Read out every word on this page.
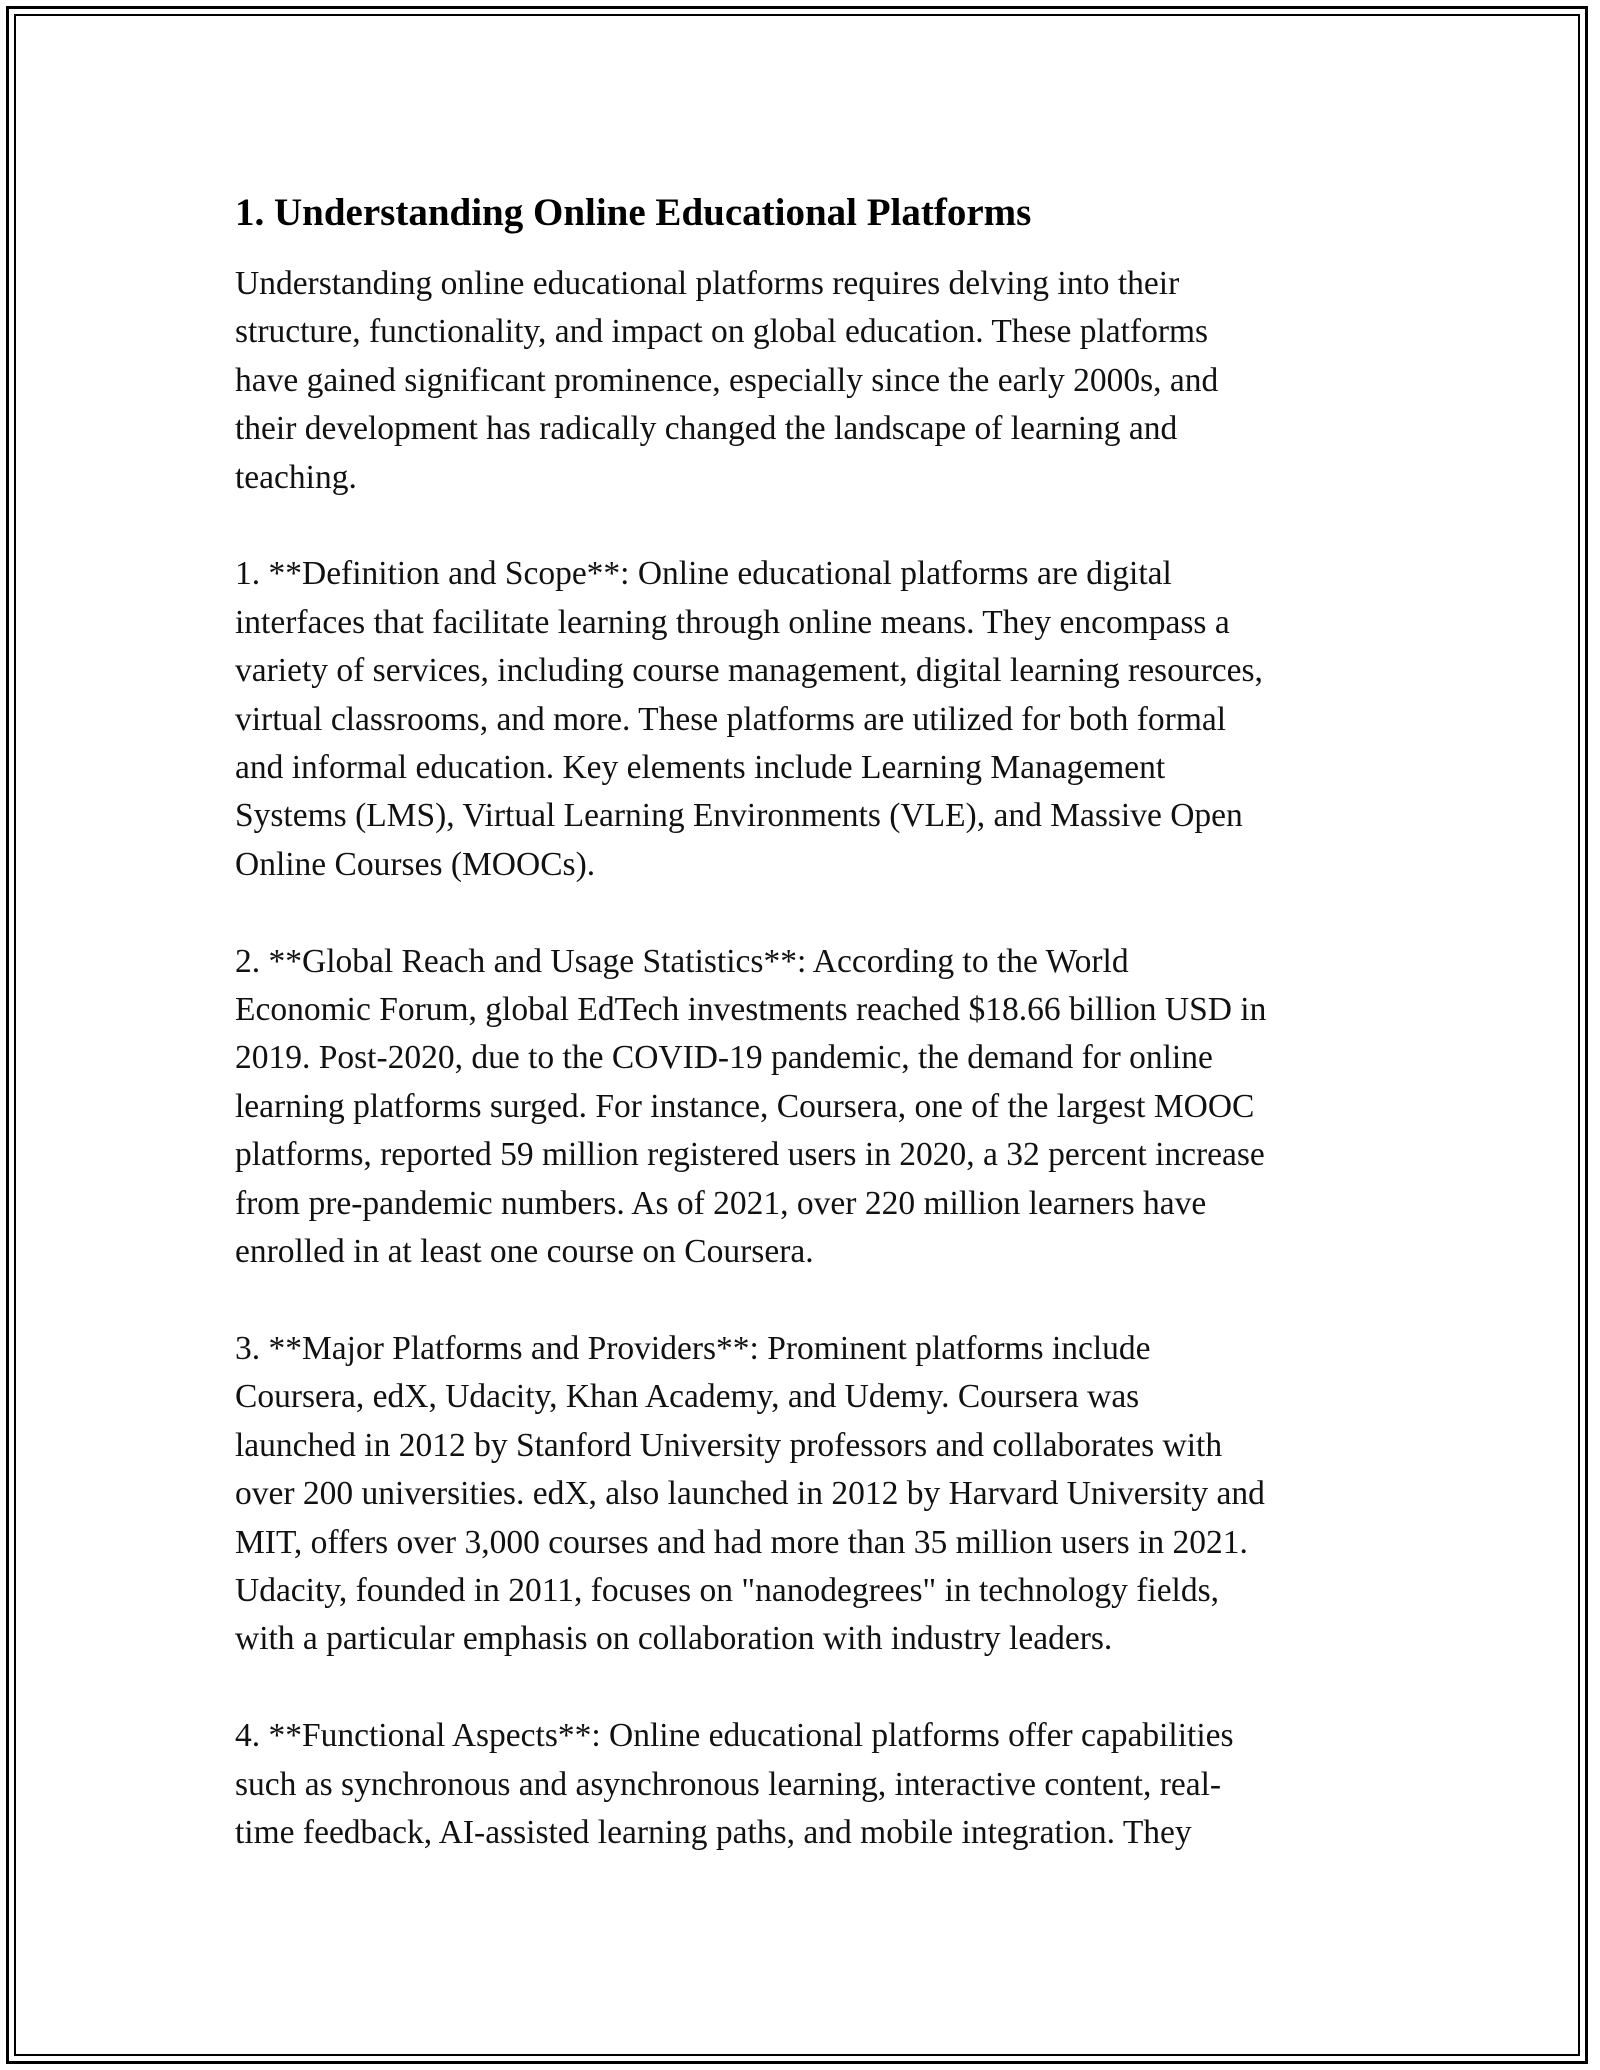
1. Understanding Online Educational Platforms

Understanding online educational platforms requires delving into their
structure, functionality, and impact on global education. These platforms
have gained significant prominence, especially since the early 2000s, and
their development has radically changed the landscape of learning and
teaching.

1. **Definition and Scope**: Online educational platforms are digital
interfaces that facilitate learning through online means. They encompass a
variety of services, including course management, digital learning resources,
virtual classrooms, and more. These platforms are utilized for both formal
and informal education. Key elements include Learning Management
Systems (LMS), Virtual Learning Environments (VLE), and Massive Open
Online Courses (MOOCs).

2. **Global Reach and Usage Statistics**: According to the World
Economic Forum, global EdTech investments reached $18.66 billion USD in
2019. Post-2020, due to the COVID-19 pandemic, the demand for online
learning platforms surged. For instance, Coursera, one of the largest MOOC
platforms, reported 59 million registered users in 2020, a 32 percent increase
from pre-pandemic numbers. As of 2021, over 220 million learners have
enrolled in at least one course on Coursera.

3. **Major Platforms and Providers**: Prominent platforms include
Coursera, edX, Udacity, Khan Academy, and Udemy. Coursera was
launched in 2012 by Stanford University professors and collaborates with
over 200 universities. edX, also launched in 2012 by Harvard University and
MIT, offers over 3,000 courses and had more than 35 million users in 2021.
Udacity, founded in 2011, focuses on "nanodegrees" in technology fields,
with a particular emphasis on collaboration with industry leaders.

4. **Functional Aspects**: Online educational platforms offer capabilities
such as synchronous and asynchronous learning, interactive content, real-
time feedback, AI-assisted learning paths, and mobile integration. They
